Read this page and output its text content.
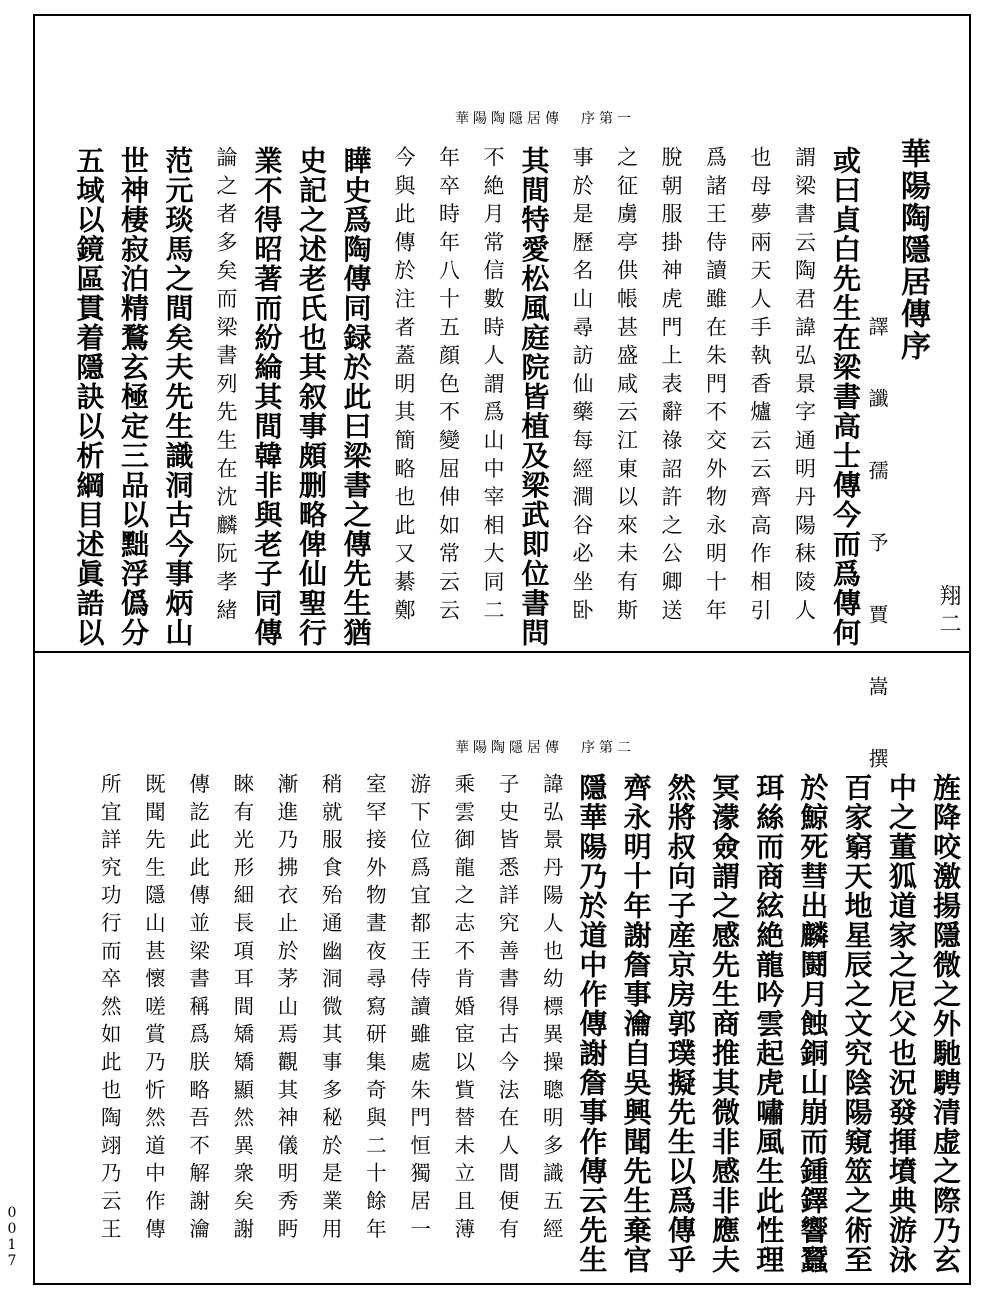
華陽陶隱居傳　序第一
華陽陶隱居傳序
譯 讖 孺 予 賈 嵩 撰 翔二
或曰貞白先生在梁書高士傳今而爲傳何
謂梁書云陶君諱弘景字通明丹陽秣陵人
也母夢兩天人手執香爐云云齊高作相引
爲諸王侍讀雖在朱門不交外物永明十年
脫朝服掛神虎門上表辭祿詔許之公卿送
之征虜亭供帳甚盛咸云江東以來未有斯
事於是歷名山尋訪仙藥每經澗谷必坐卧
其間特愛松風庭院皆植及梁武即位書問
不絶月常信數時人謂爲山中宰相大同二
年卒時年八十五顔色不變屈伸如常云云
今與此傳於注者蓋明其簡略也此又綦鄭
瞱史爲陶傳同録於此曰梁書之傳先生猶
史記之述老氏也其叙事頗删略俾仙聖行
業不得昭著而紛綸其間韓非與老子同傳
論之者多矣而梁書列先生在沈麟阮孝緒
范元琰馬之間矣夫先生識洞古今事炳山
世神棲寂泊精鶩玄極定三品以黜浮僞分
五域以鏡區貫着隱訣以析綱目述眞誥以
華陽陶隱居傳　序第二
旌降咬激揚隱微之外馳騁清虚之際乃玄
中之董狐道家之尼父也況發揮墳典游泳
百家窮天地星辰之文究陰陽窺筮之術至
於鯨死彗出麟鬪月蝕銅山崩而鍾鐸響蠶
珥絲而商絃絶龍吟雲起虎嘯風生此性理
冥濛僉謂之感先生商推其微非感非應夫
然將叔向子産京房郭璞擬先生以爲傳乎
齊永明十年謝詹事瀹自吳興聞先生棄官
隱華陽乃於道中作傳謝詹事作傳云先生
諱弘景丹陽人也幼標異操聰明多識五經
子史皆悉詳究善書得古今法在人間便有
乘雲御龍之志不肯婚宦以貲替未立且薄
游下位爲宜都王侍讀雖處朱門恒獨居一
室罕接外物晝夜尋寫研集奇與二十餘年
稍就服食殆通幽洞微其事多秘於是業用
漸進乃拂衣止於茅山焉觀其神儀明秀眄
睞有光形細長項耳間矯矯顯然異衆矣謝
傳訖此此傳並梁書稱爲朕略吾不解謝瀹
既聞先生隱山甚懷嗟賞乃忻然道中作傳
所宜詳究功行而卒然如此也陶翊乃云王
0017
